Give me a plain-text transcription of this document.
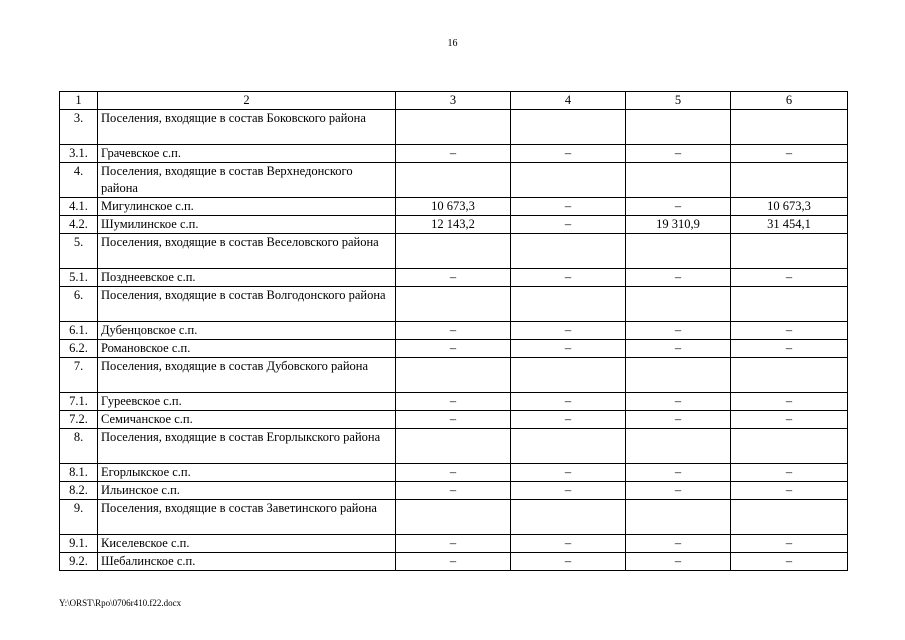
16
1	2	3	4	5	6
3.	Поселения, входящие в состав Боковского района				
3.1.	Грачевское с.п.	–	–	–	–
4.	Поселения, входящие в состав Верхнедонского района				
4.1.	Мигулинское с.п.	10 673,3	–	–	10 673,3
4.2.	Шумилинское с.п.	12 143,2	–	19 310,9	31 454,1
5.	Поселения, входящие в состав Веселовского района				
5.1.	Позднеевское с.п.	–	–	–	–
6.	Поселения, входящие в состав Волгодонского района				
6.1.	Дубенцовское с.п.	–	–	–	–
6.2.	Романовское с.п.	–	–	–	–
7.	Поселения, входящие в состав Дубовского района				
7.1.	Гуреевское с.п.	–	–	–	–
7.2.	Семичанское с.п.	–	–	–	–
8.	Поселения, входящие в состав Егорлыкского района				
8.1.	Егорлыкское с.п.	–	–	–	–
8.2.	Ильинское с.п.	–	–	–	–
9.	Поселения, входящие в состав Заветинского района				
9.1.	Киселевское с.п.	–	–	–	–
9.2.	Шебалинское с.п.	–	–	–	–
Y:\ORST\Rpo\0706r410.f22.docx
